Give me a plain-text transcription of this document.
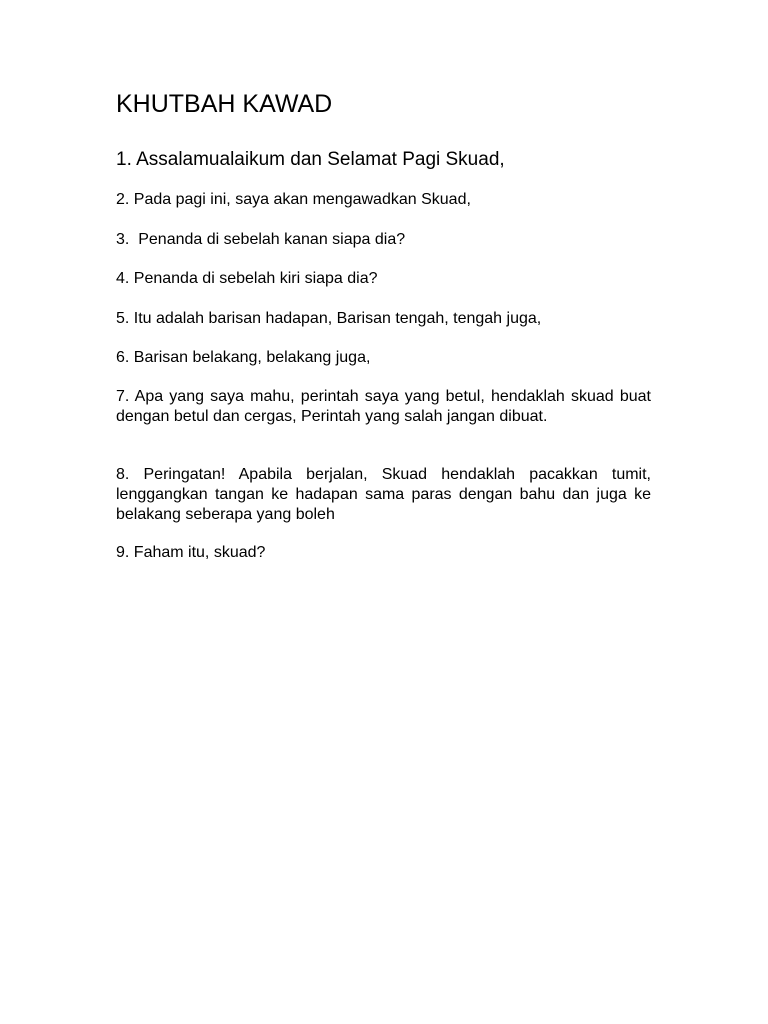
KHUTBAH KAWAD

1. Assalamualaikum dan Selamat Pagi Skuad,

2. Pada pagi ini, saya akan mengawadkan Skuad,

3.  Penanda di sebelah kanan siapa dia?

4. Penanda di sebelah kiri siapa dia?

5. Itu adalah barisan hadapan, Barisan tengah, tengah juga,

6. Barisan belakang, belakang juga,

7. Apa yang saya mahu, perintah saya yang betul, hendaklah skuad buat dengan betul dan cergas, Perintah yang salah jangan dibuat.

8. Peringatan! Apabila berjalan, Skuad hendaklah pacakkan tumit, lenggangkan tangan ke hadapan sama paras dengan bahu dan juga ke belakang seberapa yang boleh

9. Faham itu, skuad?
